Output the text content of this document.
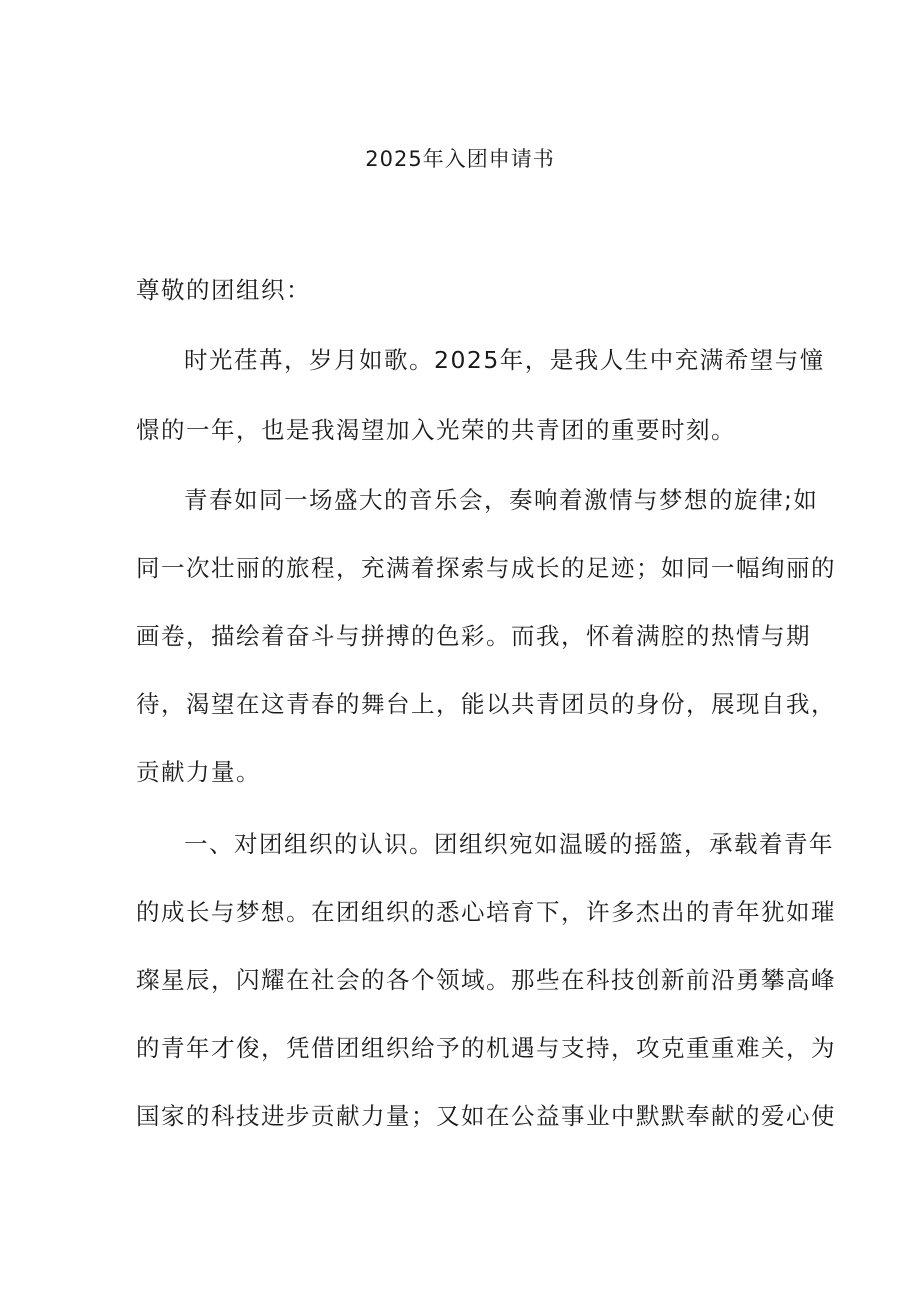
2025年入团申请书
尊敬的团组织：
时光荏苒，岁月如歌。2025年，是我人生中充满希望与憧
憬的一年，也是我渴望加入光荣的共青团的重要时刻。
青春如同一场盛大的音乐会，奏响着激情与梦想的旋律;如
同一次壮丽的旅程，充满着探索与成长的足迹；如同一幅绚丽的
画卷，描绘着奋斗与拼搏的色彩。而我，怀着满腔的热情与期
待，渴望在这青春的舞台上，能以共青团员的身份，展现自我，
贡献力量。
一、对团组织的认识。团组织宛如温暖的摇篮，承载着青年
的成长与梦想。在团组织的悉心培育下，许多杰出的青年犹如璀
璨星辰，闪耀在社会的各个领域。那些在科技创新前沿勇攀高峰
的青年才俊，凭借团组织给予的机遇与支持，攻克重重难关，为
国家的科技进步贡献力量；又如在公益事业中默默奉献的爱心使
